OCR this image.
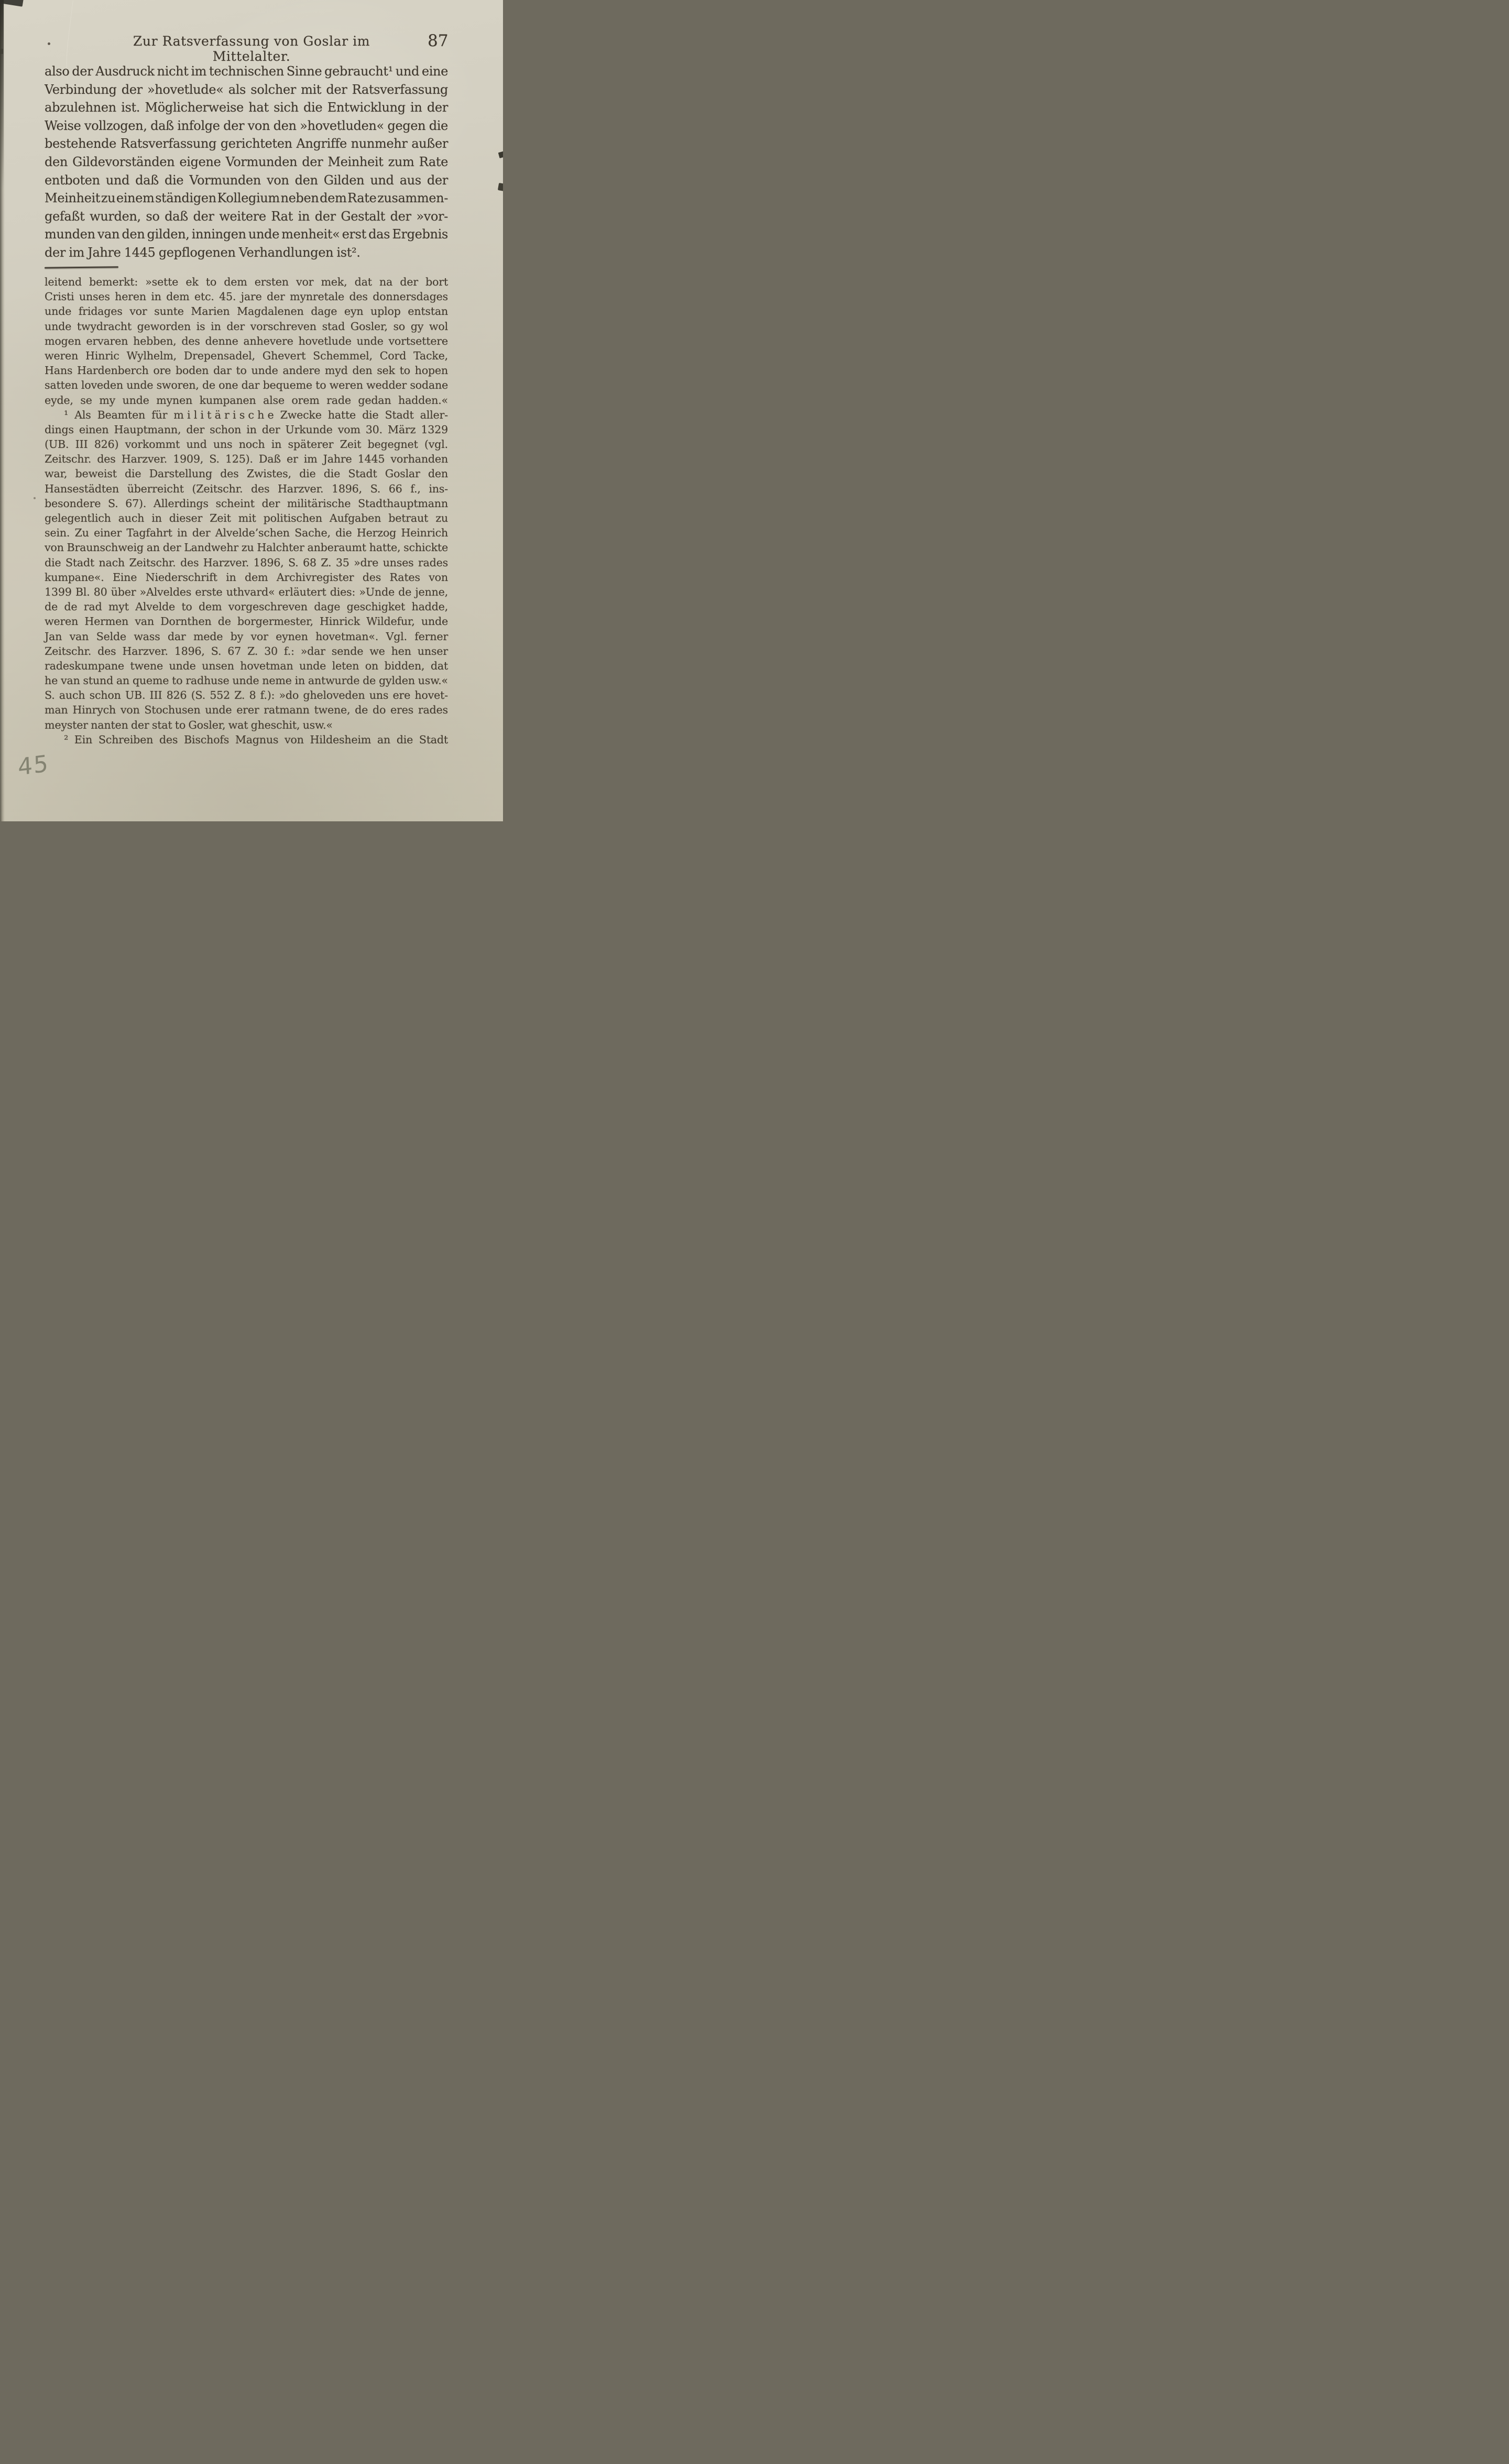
Zur Ratsverfassung von Goslar im Mittelalter.
87
also der Ausdruck nicht im technischen Sinne gebraucht¹ und eine
Verbindung der »hovetlude« als solcher mit der Ratsverfassung
abzulehnen ist. Möglicherweise hat sich die Entwicklung in der
Weise vollzogen, daß infolge der von den »hovetluden« gegen die
bestehende Ratsverfassung gerichteten Angriffe nunmehr außer
den Gildevorständen eigene Vormunden der Meinheit zum Rate
entboten und daß die Vormunden von den Gilden und aus der
Meinheit zu einem ständigen Kollegium neben dem Rate zusammen-
gefaßt wurden, so daß der weitere Rat in der Gestalt der »vor-
munden van den gilden, inningen unde menheit« erst das Ergebnis
der im Jahre 1445 gepflogenen Verhandlungen ist².
leitend bemerkt: »sette ek to dem ersten vor mek, dat na der bort
Cristi unses heren in dem etc. 45. jare der mynretale des donnersdages
unde fridages vor sunte Marien Magdalenen dage eyn uplop entstan
unde twydracht geworden is in der vorschreven stad Gosler, so gy wol
mogen ervaren hebben, des denne anhevere hovetlude unde vortsettere
weren Hinric Wylhelm, Drepensadel, Ghevert Schemmel, Cord Tacke,
Hans Hardenberch ore boden dar to unde andere myd den sek to hopen
satten loveden unde sworen, de one dar bequeme to weren wedder sodane
eyde, se my unde mynen kumpanen alse orem rade gedan hadden.«
¹ Als Beamten für m i l i t ä r i s c h e Zwecke hatte die Stadt aller-
dings einen Hauptmann, der schon in der Urkunde vom 30. März 1329
(UB. III 826) vorkommt und uns noch in späterer Zeit begegnet (vgl.
Zeitschr. des Harzver. 1909, S. 125). Daß er im Jahre 1445 vorhanden
war, beweist die Darstellung des Zwistes, die die Stadt Goslar den
Hansestädten überreicht (Zeitschr. des Harzver. 1896, S. 66 f., ins-
besondere S. 67). Allerdings scheint der militärische Stadthauptmann
gelegentlich auch in dieser Zeit mit politischen Aufgaben betraut zu
sein. Zu einer Tagfahrt in der Alvelde’schen Sache, die Herzog Heinrich
von Braunschweig an der Landwehr zu Halchter anberaumt hatte, schickte
die Stadt nach Zeitschr. des Harzver. 1896, S. 68 Z. 35 »dre unses rades
kumpane«. Eine Niederschrift in dem Archivregister des Rates von
1399 Bl. 80 über »Alveldes erste uthvard« erläutert dies: »Unde de jenne,
de de rad myt Alvelde to dem vorgeschreven dage geschigket hadde,
weren Hermen van Dornthen de borgermester, Hinrick Wildefur, unde
Jan van Selde wass dar mede by vor eynen hovetman«. Vgl. ferner
Zeitschr. des Harzver. 1896, S. 67 Z. 30 f.: »dar sende we hen unser
radeskumpane twene unde unsen hovetman unde leten on bidden, dat
he van stund an queme to radhuse unde neme in antwurde de gylden usw.«
S. auch schon UB. III 826 (S. 552 Z. 8 f.): »do gheloveden uns ere hovet-
man Hinrych von Stochusen unde erer ratmann twene, de do eres rades
meyster nanten der stat to Gosler, wat gheschit, usw.«
² Ein Schreiben des Bischofs Magnus von Hildesheim an die Stadt
45
